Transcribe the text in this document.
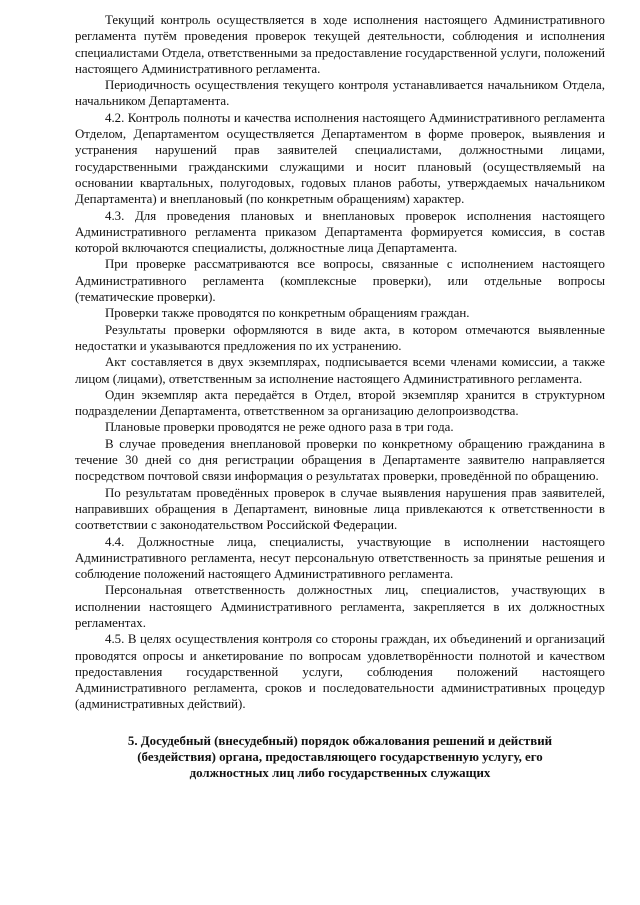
Текущий контроль осуществляется в ходе исполнения настоящего Административного регламента путём проведения проверок текущей деятельности, соблюдения и исполнения специалистами Отдела, ответственными за предоставление государственной услуги, положений настоящего Административного регламента.

Периодичность осуществления текущего контроля устанавливается начальником Отдела, начальником Департамента.

4.2. Контроль полноты и качества исполнения настоящего Административного регламента Отделом, Департаментом осуществляется Департаментом в форме проверок, выявления и устранения нарушений прав заявителей специалистами, должностными лицами, государственными гражданскими служащими и носит плановый (осуществляемый на основании квартальных, полугодовых, годовых планов работы, утверждаемых начальником Департамента) и внеплановый (по конкретным обращениям) характер.

4.3. Для проведения плановых и внеплановых проверок исполнения настоящего Административного регламента приказом Департамента формируется комиссия, в состав которой включаются специалисты, должностные лица Департамента.

При проверке рассматриваются все вопросы, связанные с исполнением настоящего Административного регламента (комплексные проверки), или отдельные вопросы (тематические проверки).

Проверки также проводятся по конкретным обращениям граждан.

Результаты проверки оформляются в виде акта, в котором отмечаются выявленные недостатки и указываются предложения по их устранению.

Акт составляется в двух экземплярах, подписывается всеми членами комиссии, а также лицом (лицами), ответственным за исполнение настоящего Административного регламента.

Один экземпляр акта передаётся в Отдел, второй экземпляр хранится в структурном подразделении Департамента, ответственном за организацию делопроизводства.

Плановые проверки проводятся не реже одного раза в три года.

В случае проведения внеплановой проверки по конкретному обращению гражданина в течение 30 дней со дня регистрации обращения в Департаменте заявителю направляется посредством почтовой связи информация о результатах проверки, проведённой по обращению.

По результатам проведённых проверок в случае выявления нарушения прав заявителей, направивших обращения в Департамент, виновные лица привлекаются к ответственности в соответствии с законодательством Российской Федерации.

4.4. Должностные лица, специалисты, участвующие в исполнении настоящего Административного регламента, несут персональную ответственность за принятые решения и соблюдение положений настоящего Административного регламента.

Персональная ответственность должностных лиц, специалистов, участвующих в исполнении настоящего Административного регламента, закрепляется в их должностных регламентах.

4.5. В целях осуществления контроля со стороны граждан, их объединений и организаций проводятся опросы и анкетирование по вопросам удовлетворённости полнотой и качеством предоставления государственной услуги, соблюдения положений настоящего Административного регламента, сроков и последовательности административных процедур (административных действий).

5. Досудебный (внесудебный) порядок обжалования решений и действий
(бездействия) органа, предоставляющего государственную услугу, его
должностных лиц либо государственных служащих
